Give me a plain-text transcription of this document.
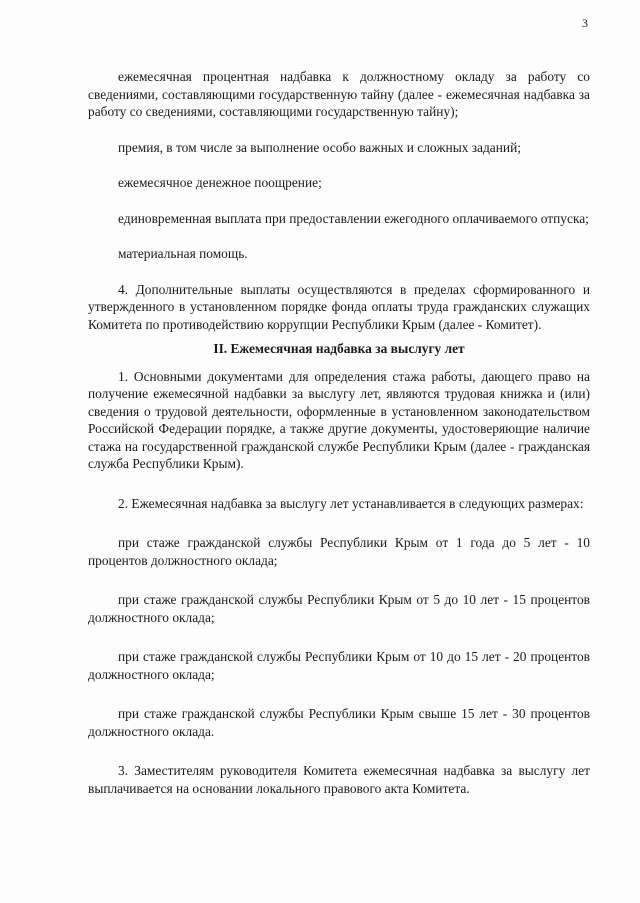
3

ежемесячная процентная надбавка к должностному окладу за работу со сведениями, составляющими государственную тайну (далее - ежемесячная надбавка за работу со сведениями, составляющими государственную тайну);

премия, в том числе за выполнение особо важных и сложных заданий;

ежемесячное денежное поощрение;

единовременная выплата при предоставлении ежегодного оплачиваемого отпуска;

материальная помощь.

4. Дополнительные выплаты осуществляются в пределах сформированного и утвержденного в установленном порядке фонда оплаты труда гражданских служащих Комитета по противодействию коррупции Республики Крым (далее - Комитет).

II. Ежемесячная надбавка за выслугу лет

1. Основными документами для определения стажа работы, дающего право на получение ежемесячной надбавки за выслугу лет, являются трудовая книжка и (или) сведения о трудовой деятельности, оформленные в установленном законодательством Российской Федерации порядке, а также другие документы, удостоверяющие наличие стажа на государственной гражданской службе Республики Крым (далее - гражданская служба Республики Крым).

2. Ежемесячная надбавка за выслугу лет устанавливается в следующих размерах:

при стаже гражданской службы Республики Крым от 1 года до 5 лет - 10 процентов должностного оклада;

при стаже гражданской службы Республики Крым от 5 до 10 лет - 15 процентов должностного оклада;

при стаже гражданской службы Республики Крым от 10 до 15 лет - 20 процентов должностного оклада;

при стаже гражданской службы Республики Крым свыше 15 лет - 30 процентов должностного оклада.

3. Заместителям руководителя Комитета ежемесячная надбавка за выслугу лет выплачивается на основании локального правового акта Комитета.
